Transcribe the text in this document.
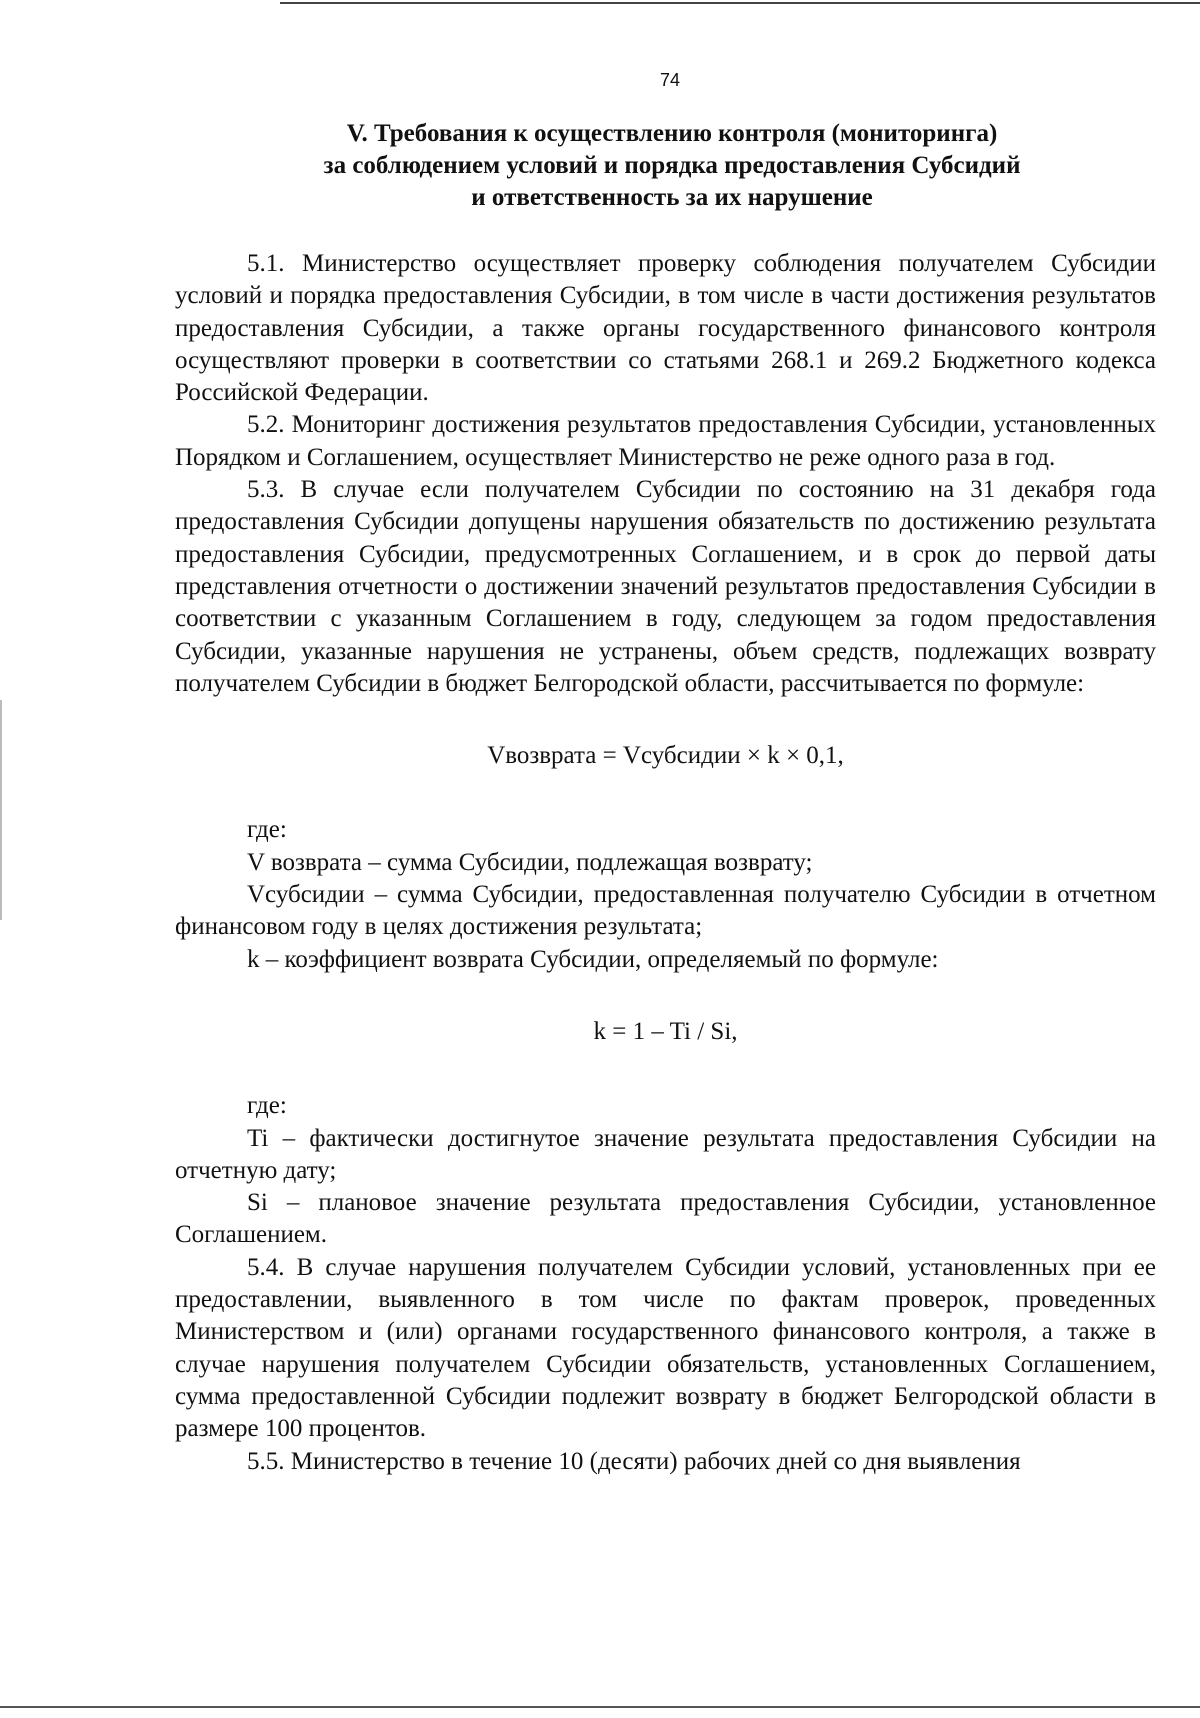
74
V. Требования к осуществлению контроля (мониторинга)
за соблюдением условий и порядка предоставления Субсидий
и ответственность за их нарушение

5.1. Министерство осуществляет проверку соблюдения получателем Субсидии условий и порядка предоставления Субсидии, в том числе в части достижения результатов предоставления Субсидии, а также органы государственного финансового контроля осуществляют проверки в соответствии со статьями 268.1 и 269.2 Бюджетного кодекса Российской Федерации.

5.2. Мониторинг достижения результатов предоставления Субсидии, установленных Порядком и Соглашением, осуществляет Министерство не реже одного раза в год.

5.3. В случае если получателем Субсидии по состоянию на 31 декабря года предоставления Субсидии допущены нарушения обязательств по достижению результата предоставления Субсидии, предусмотренных Соглашением, и в срок до первой даты представления отчетности о достижении значений результатов предоставления Субсидии в соответствии с указанным Соглашением в году, следующем за годом предоставления Субсидии, указанные нарушения не устранены, объем средств, подлежащих возврату получателем Субсидии в бюджет Белгородской области, рассчитывается по формуле:

Vвозврата = Vсубсидии × k × 0,1,

где:

V возврата – сумма Субсидии, подлежащая возврату;

Vсубсидии – сумма Субсидии, предоставленная получателю Субсидии в отчетном финансовом году в целях достижения результата;

k – коэффициент возврата Субсидии, определяемый по формуле:

k = 1 – Ti / Si,

где:

Ti – фактически достигнутое значение результата предоставления Субсидии на отчетную дату;

Si – плановое значение результата предоставления Субсидии, установленное Соглашением.

5.4. В случае нарушения получателем Субсидии условий, установленных при ее предоставлении, выявленного в том числе по фактам проверок, проведенных Министерством и (или) органами государственного финансового контроля, а также в случае нарушения получателем Субсидии обязательств, установленных Соглашением, сумма предоставленной Субсидии подлежит возврату в бюджет Белгородской области в размере 100 процентов.

5.5. Министерство в течение 10 (десяти) рабочих дней со дня выявления
